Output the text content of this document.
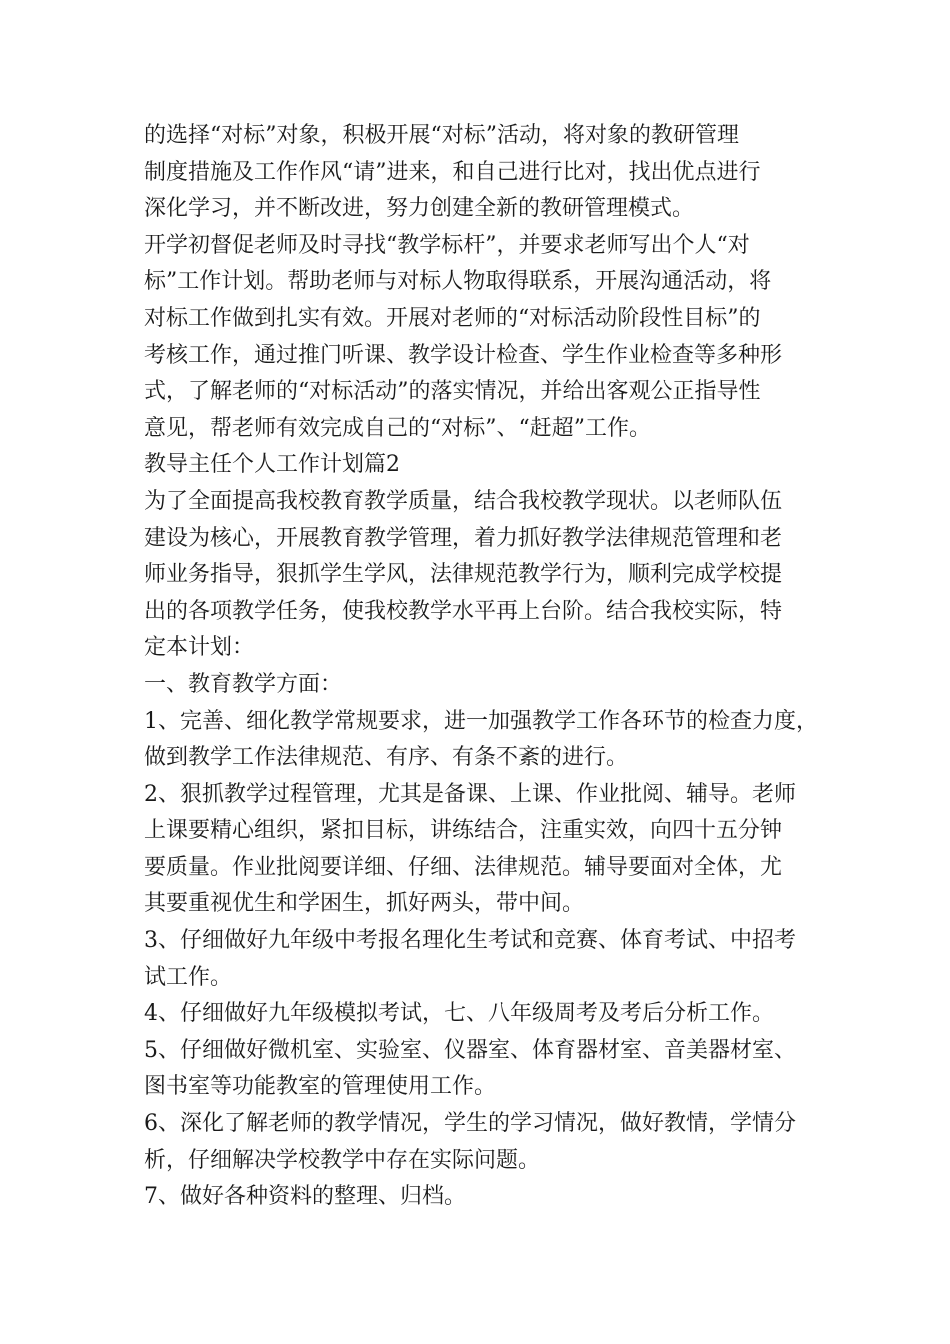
的选择“对标”对象，积极开展“对标”活动，将对象的教研管理
制度措施及工作作风“请”进来，和自己进行比对，找出优点进行
深化学习，并不断改进，努力创建全新的教研管理模式。
开学初督促老师及时寻找“教学标杆”，并要求老师写出个人“对
标”工作计划。帮助老师与对标人物取得联系，开展沟通活动，将
对标工作做到扎实有效。开展对老师的“对标活动阶段性目标”的
考核工作，通过推门听课、教学设计检查、学生作业检查等多种形
式，了解老师的“对标活动”的落实情况，并给出客观公正指导性
意见，帮老师有效完成自己的“对标”、“赶超”工作。
教导主任个人工作计划篇2
为了全面提高我校教育教学质量，结合我校教学现状。以老师队伍
建设为核心，开展教育教学管理，着力抓好教学法律规范管理和老
师业务指导，狠抓学生学风，法律规范教学行为，顺利完成学校提
出的各项教学任务，使我校教学水平再上台阶。结合我校实际，特
定本计划：
一、教育教学方面：
1、完善、细化教学常规要求，进一加强教学工作各环节的检查力度，
做到教学工作法律规范、有序、有条不紊的进行。
2、狠抓教学过程管理，尤其是备课、上课、作业批阅、辅导。老师
上课要精心组织，紧扣目标，讲练结合，注重实效，向四十五分钟
要质量。作业批阅要详细、仔细、法律规范。辅导要面对全体，尤
其要重视优生和学困生，抓好两头，带中间。
3、仔细做好九年级中考报名理化生考试和竞赛、体育考试、中招考
试工作。
4、仔细做好九年级模拟考试，七、八年级周考及考后分析工作。
5、仔细做好微机室、实验室、仪器室、体育器材室、音美器材室、
图书室等功能教室的管理使用工作。
6、深化了解老师的教学情况，学生的学习情况，做好教情，学情分
析，仔细解决学校教学中存在实际问题。
7、做好各种资料的整理、归档。
